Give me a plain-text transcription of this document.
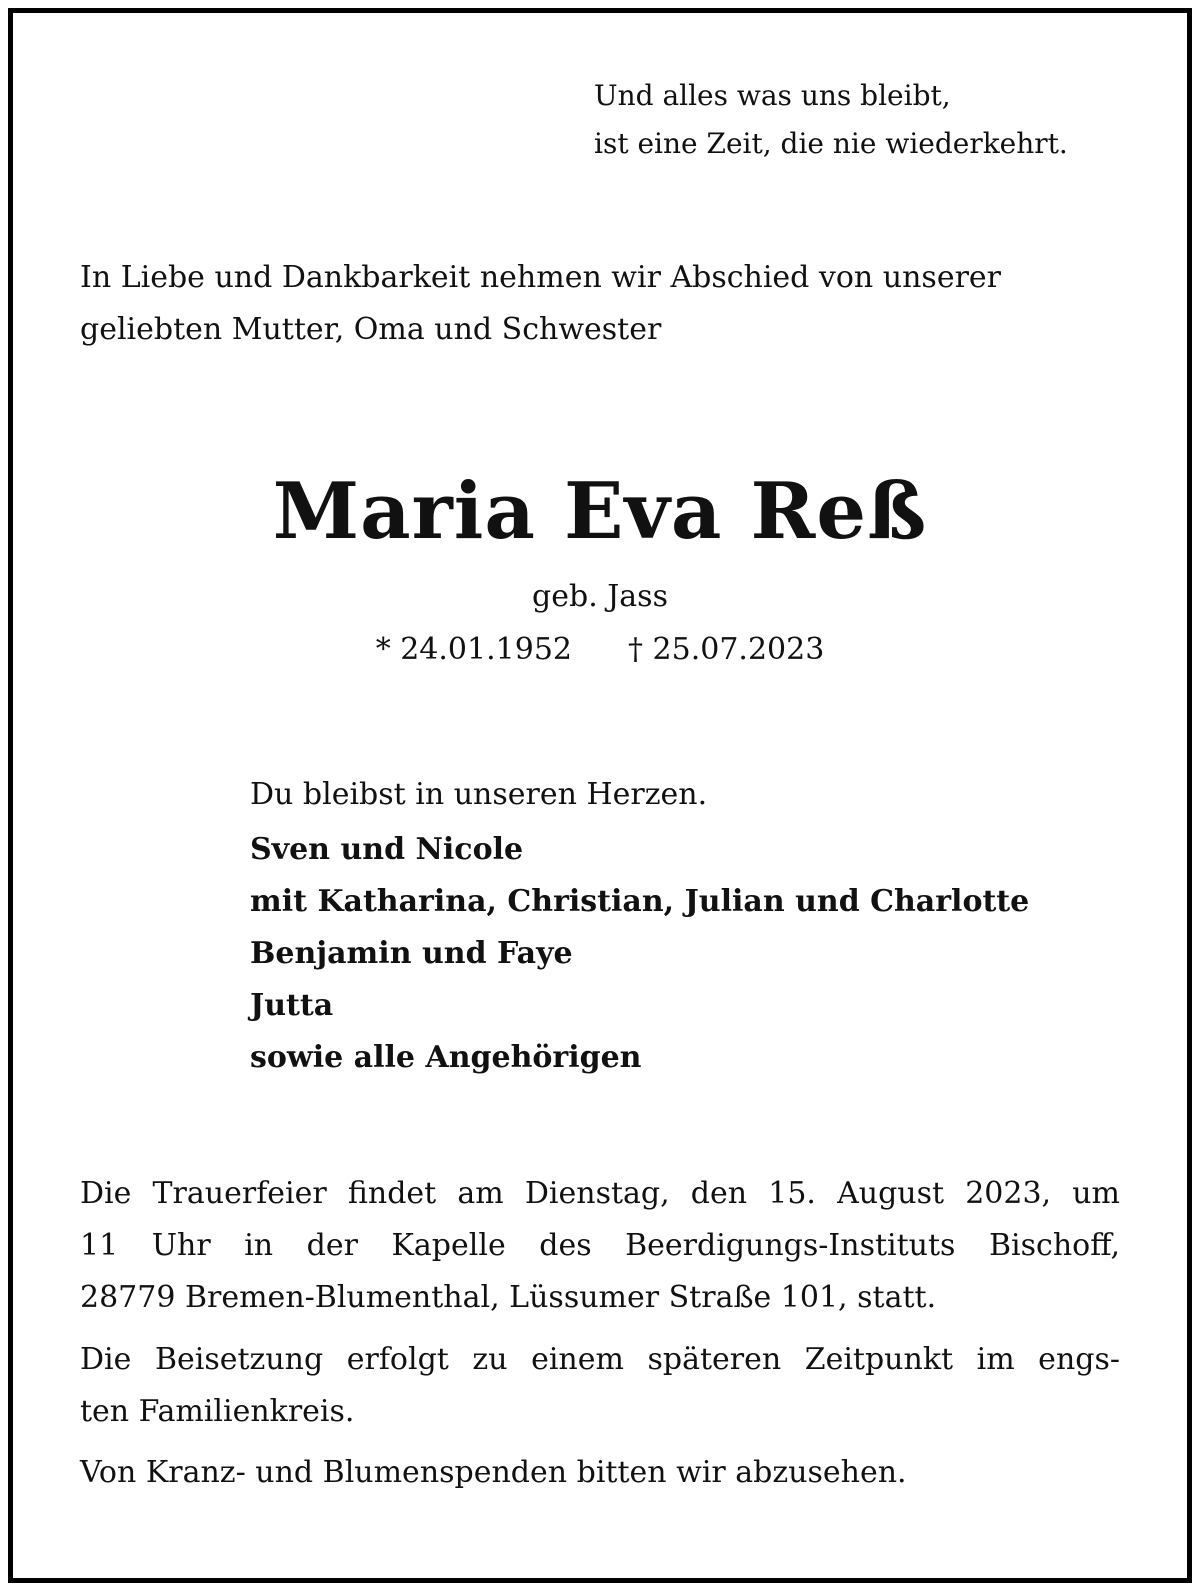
Und alles was uns bleibt,
ist eine Zeit, die nie wiederkehrt.
In Liebe und Dankbarkeit nehmen wir Abschied von unserer
geliebten Mutter, Oma und Schwester
Maria Eva Reß
geb. Jass
* 24.01.1952 † 25.07.2023
Du bleibst in unseren Herzen.
Sven und Nicole
mit Katharina, Christian, Julian und Charlotte
Benjamin und Faye
Jutta
sowie alle Angehörigen
Die Trauerfeier findet am Dienstag, den 15. August 2023, um
11 Uhr in der Kapelle des Beerdigungs-Instituts Bischoff,
28779 Bremen-Blumenthal, Lüssumer Straße 101, statt.
Die Beisetzung erfolgt zu einem späteren Zeitpunkt im engs-
ten Familienkreis.
Von Kranz- und Blumenspenden bitten wir abzusehen.
